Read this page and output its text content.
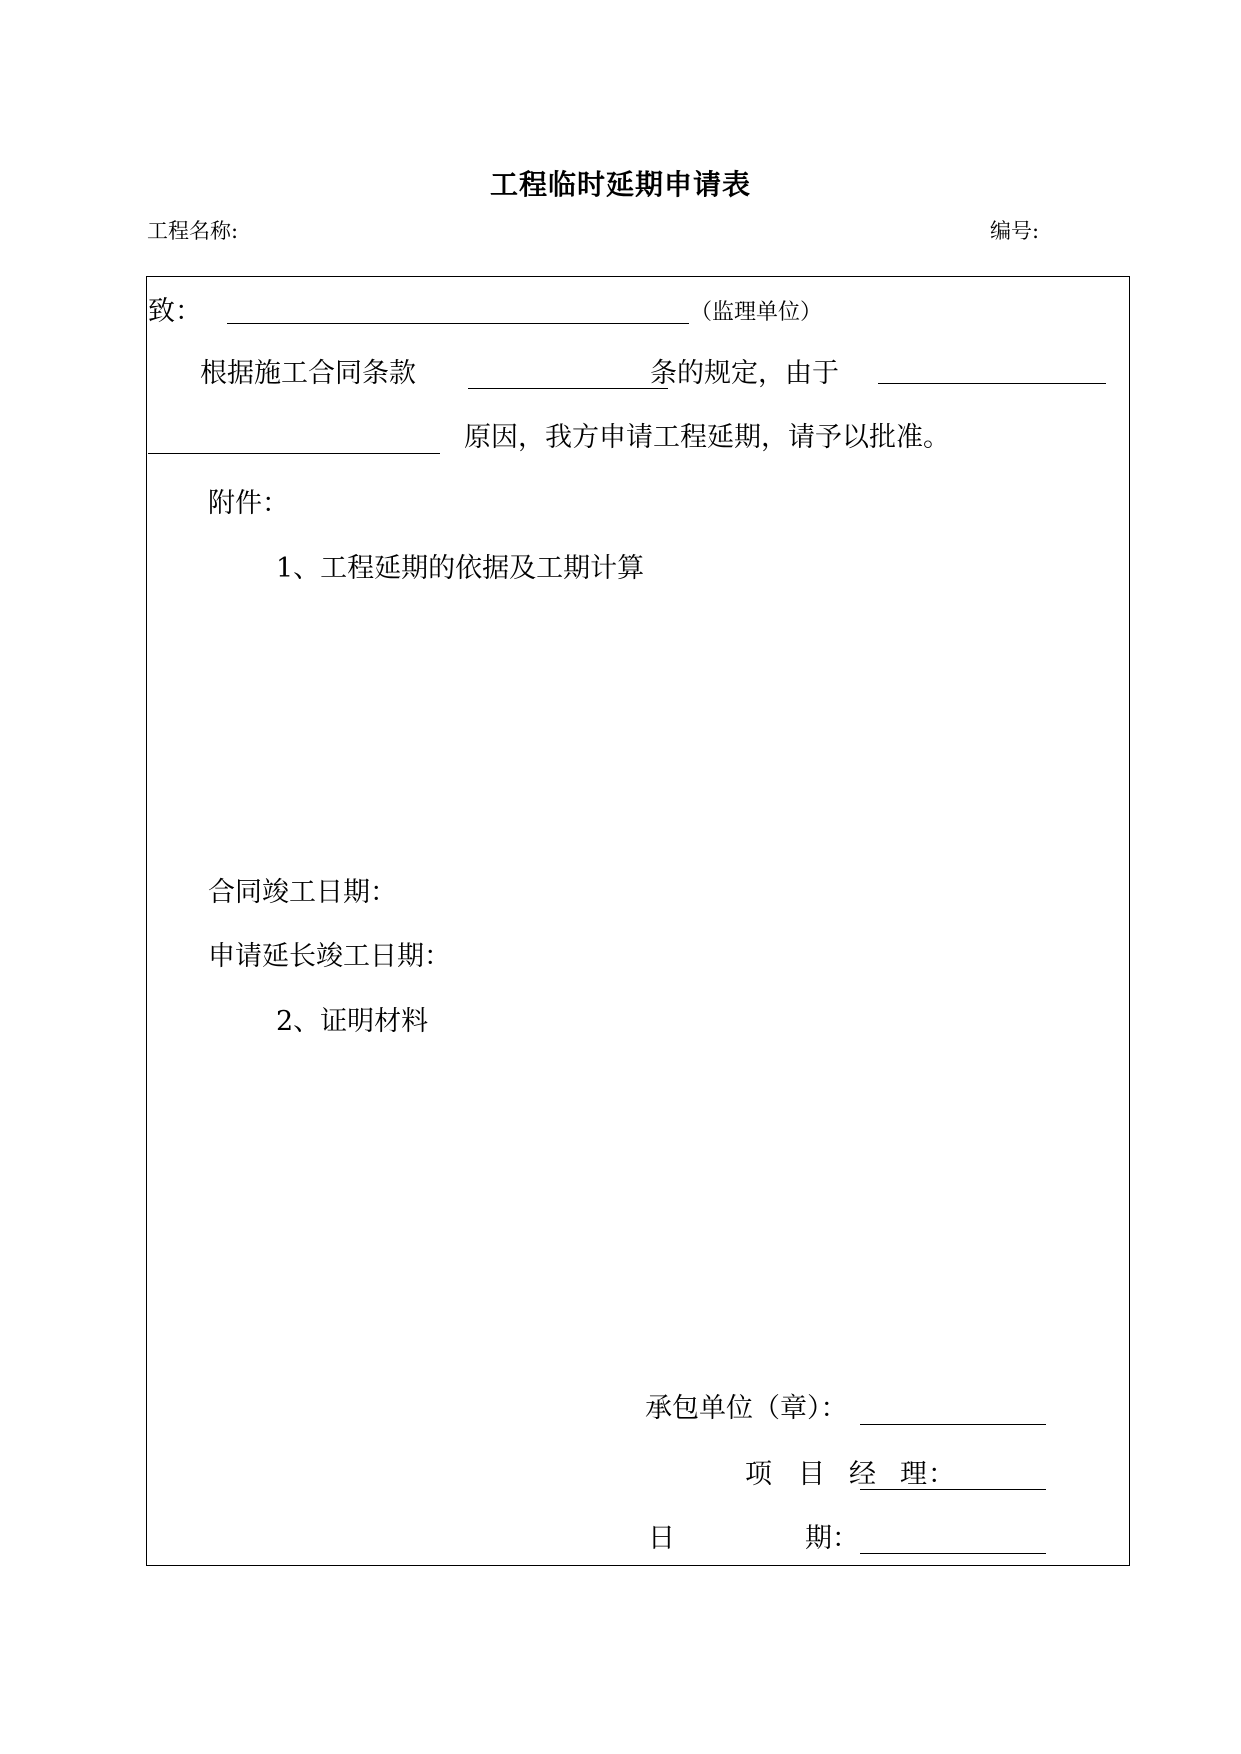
工程临时延期申请表
工程名称:	编号:
致：	（监理单位）
根据施工合同条款	条的规定，由于
原因，我方申请工程延期，请予以批准。
附件：
1、工程延期的依据及工期计算
合同竣工日期：
申请延长竣工日期：
2、证明材料
承包单位（章）：
项 目 经 理 ：
日	期：
